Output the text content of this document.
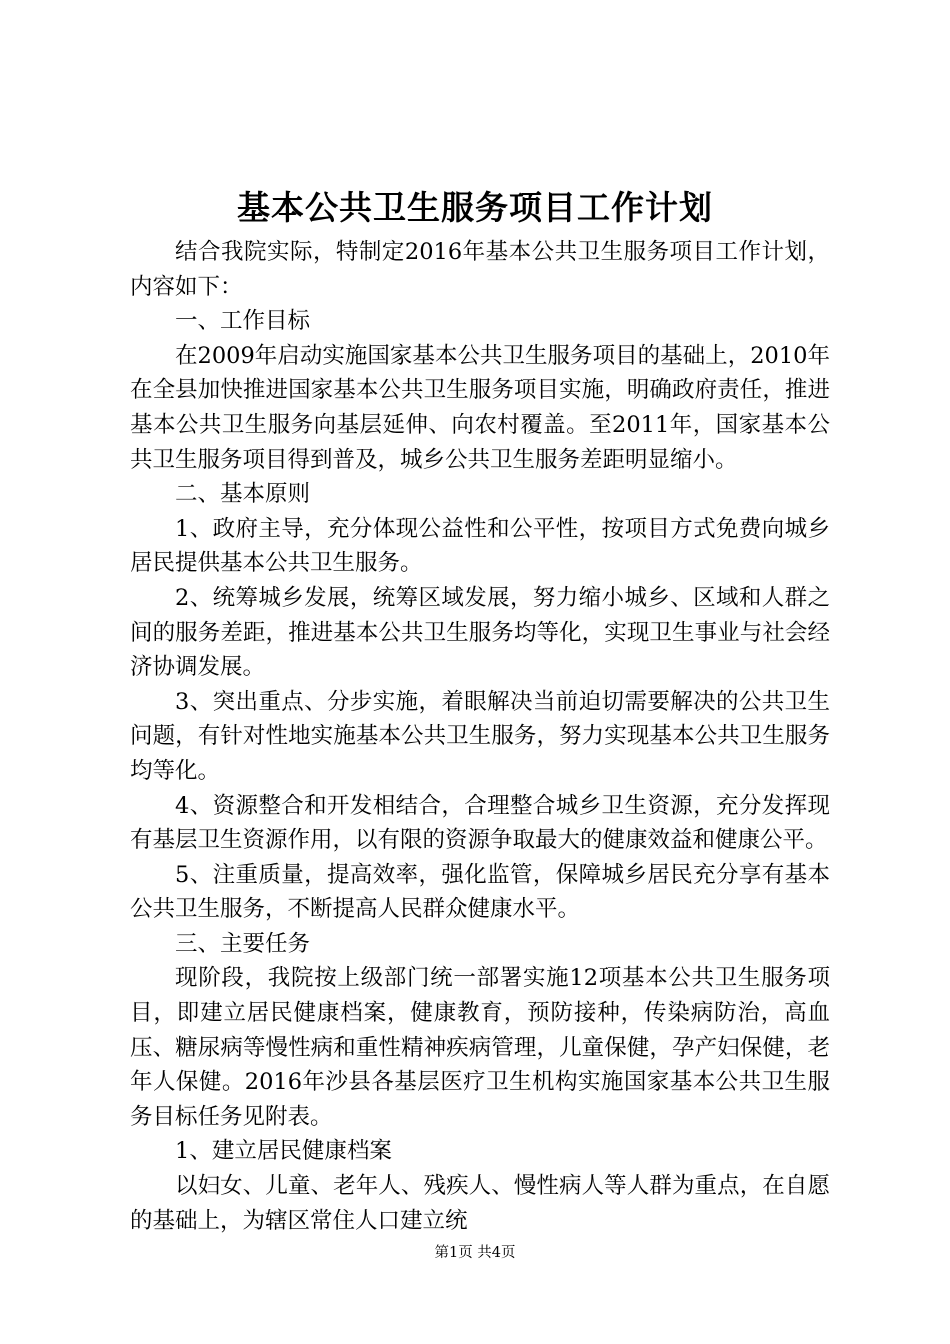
基本公共卫生服务项目工作计划

结合我院实际，特制定2016年基本公共卫生服务项目工作计划，内容如下：

一、工作目标

在2009年启动实施国家基本公共卫生服务项目的基础上，2010年在全县加快推进国家基本公共卫生服务项目实施，明确政府责任，推进基本公共卫生服务向基层延伸、向农村覆盖。至2011年，国家基本公共卫生服务项目得到普及，城乡公共卫生服务差距明显缩小。

二、基本原则

1、政府主导，充分体现公益性和公平性，按项目方式免费向城乡居民提供基本公共卫生服务。

2、统筹城乡发展，统筹区域发展，努力缩小城乡、区域和人群之间的服务差距，推进基本公共卫生服务均等化，实现卫生事业与社会经济协调发展。

3、突出重点、分步实施，着眼解决当前迫切需要解决的公共卫生问题，有针对性地实施基本公共卫生服务，努力实现基本公共卫生服务均等化。

4、资源整合和开发相结合，合理整合城乡卫生资源，充分发挥现有基层卫生资源作用，以有限的资源争取最大的健康效益和健康公平。

5、注重质量，提高效率，强化监管，保障城乡居民充分享有基本公共卫生服务，不断提高人民群众健康水平。

三、主要任务

现阶段，我院按上级部门统一部署实施12项基本公共卫生服务项目，即建立居民健康档案，健康教育，预防接种，传染病防治，高血压、糖尿病等慢性病和重性精神疾病管理，儿童保健，孕产妇保健，老年人保健。2016年沙县各基层医疗卫生机构实施国家基本公共卫生服务目标任务见附表。

1、建立居民健康档案

以妇女、儿童、老年人、残疾人、慢性病人等人群为重点，在自愿的基础上，为辖区常住人口建立统

第1页 共4页
